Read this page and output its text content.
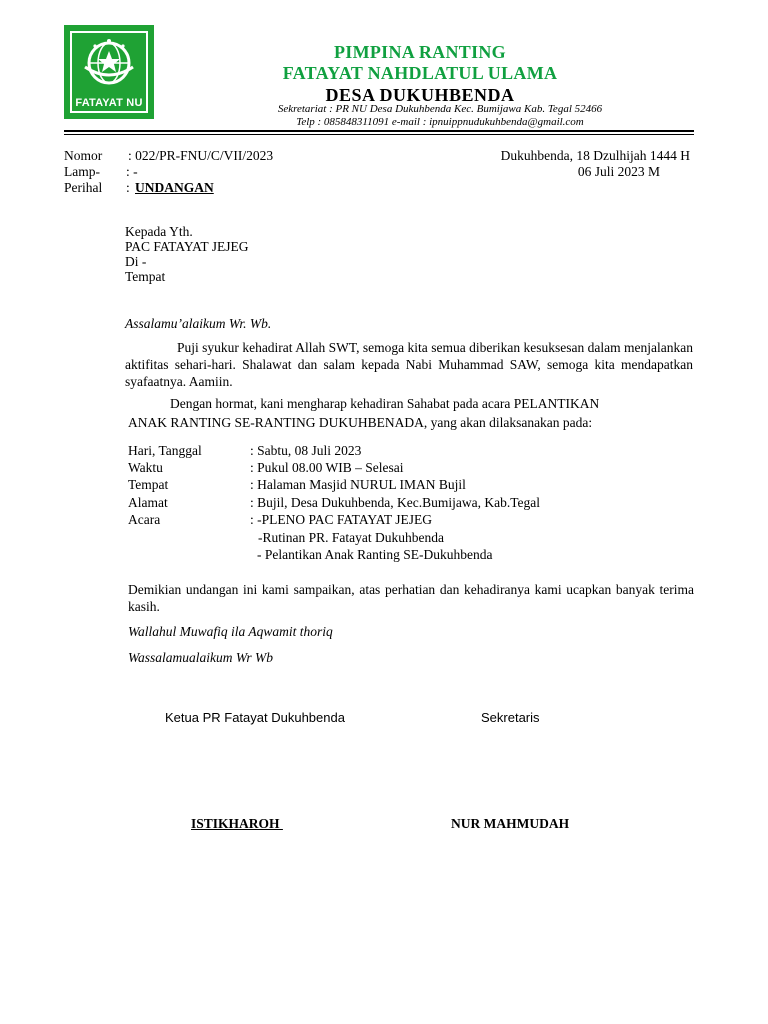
FATAYAT NU
PIMPINA RANTING
FATAYAT NAHDLATUL ULAMA
DESA DUKUHBENDA
Sekretariat : PR NU Desa Dukuhbenda Kec. Bumijawa Kab. Tegal 52466
Telp : 085848311091 e-mail : ipnuippnudukuhbenda@gmail.com
Nomor : 022/PR-FNU/C/VII/2023
Lamp- : -
Perihal : UNDANGAN
Dukuhbenda, 18 Dzulhijah 1444 H
06 Juli 2023 M
Kepada Yth.
PAC FATAYAT JEJEG
Di -
Tempat
Assalamu’alaikum Wr. Wb.
Puji syukur kehadirat Allah SWT, semoga kita semua diberikan kesuksesan dalam menjalankan aktifitas sehari-hari. Shalawat dan salam kepada Nabi Muhammad SAW, semoga kita mendapatkan syafaatnya. Aamiin.
Dengan hormat, kani mengharap kehadiran Sahabat pada acara PELANTIKAN
ANAK RANTING SE-RANTING DUKUHBENADA, yang akan dilaksanakan pada:
Hari, Tanggal	: Sabtu, 08 Juli 2023
Waktu	: Pukul 08.00 WIB – Selesai
Tempat	: Halaman Masjid NURUL IMAN Bujil
Alamat	: Bujil, Desa Dukuhbenda, Kec.Bumijawa, Kab.Tegal
Acara	: -PLENO PAC FATAYAT JEJEG
-Rutinan PR. Fatayat Dukuhbenda
- Pelantikan Anak Ranting SE-Dukuhbenda
Demikian undangan ini kami sampaikan, atas perhatian dan kehadiranya kami ucapkan banyak terima kasih.
Wallahul Muwafiq ila Aqwamit thoriq
Wassalamualaikum Wr Wb
Ketua PR Fatayat Dukuhbenda	Sekretaris
ISTIKHAROH	NUR MAHMUDAH
